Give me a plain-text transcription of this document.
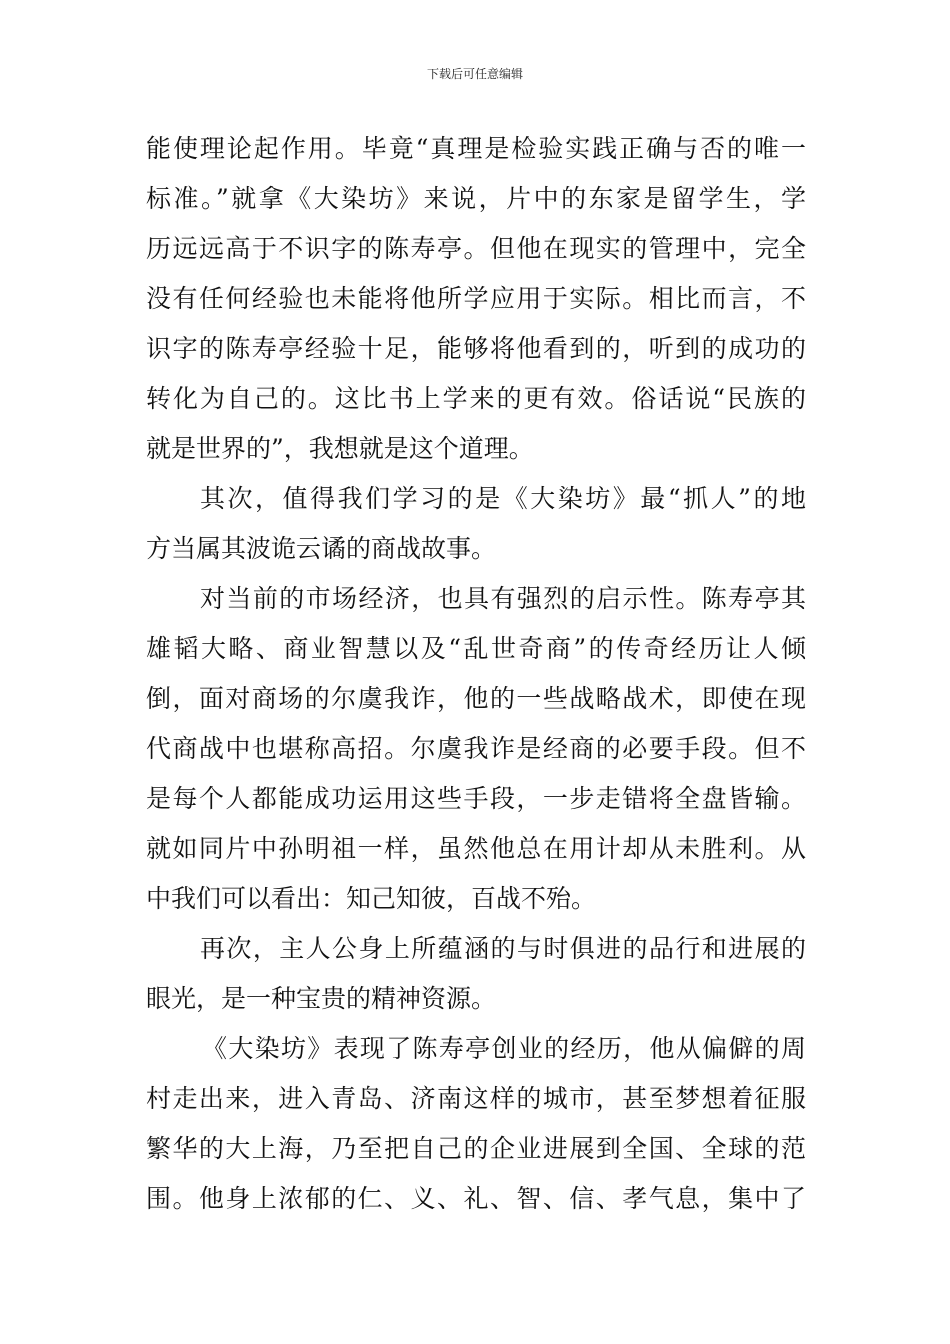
下载后可任意编辑
能使理论起作用。毕竟“真理是检验实践正确与否的唯一
标准。”就拿《大染坊》来说，片中的东家是留学生，学
历远远高于不识字的陈寿亭。但他在现实的管理中，完全
没有任何经验也未能将他所学应用于实际。相比而言，不
识字的陈寿亭经验十足，能够将他看到的，听到的成功的
转化为自己的。这比书上学来的更有效。俗话说“民族的
就是世界的”，我想就是这个道理。
其次，值得我们学习的是《大染坊》最“抓人”的地
方当属其波诡云谲的商战故事。
对当前的市场经济，也具有强烈的启示性。陈寿亭其
雄韬大略、商业智慧以及“乱世奇商”的传奇经历让人倾
倒，面对商场的尔虞我诈，他的一些战略战术，即使在现
代商战中也堪称高招。尔虞我诈是经商的必要手段。但不
是每个人都能成功运用这些手段，一步走错将全盘皆输。
就如同片中孙明祖一样，虽然他总在用计却从未胜利。从
中我们可以看出：知己知彼，百战不殆。
再次，主人公身上所蕴涵的与时俱进的品行和进展的
眼光，是一种宝贵的精神资源。
《大染坊》表现了陈寿亭创业的经历，他从偏僻的周
村走出来，进入青岛、济南这样的城市，甚至梦想着征服
繁华的大上海，乃至把自己的企业进展到全国、全球的范
围。他身上浓郁的仁、义、礼、智、信、孝气息，集中了
